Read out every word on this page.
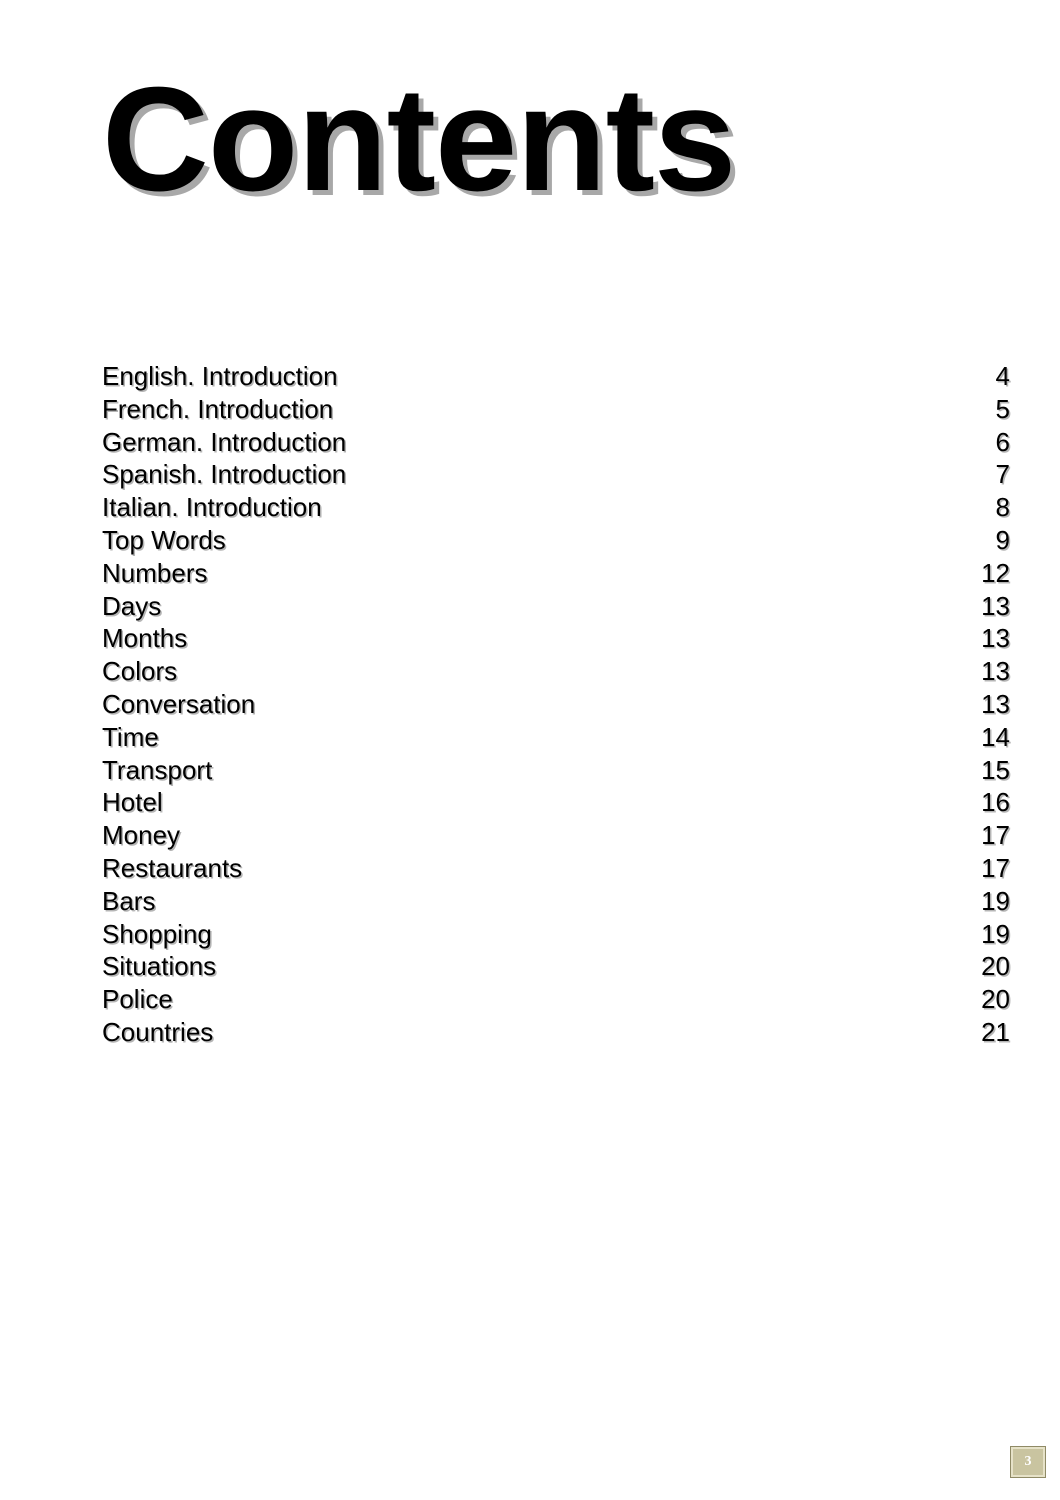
Contents
English. Introduction	4
French. Introduction	5
German. Introduction	6
Spanish. Introduction	7
Italian. Introduction	8
Top Words	9
Numbers	12
Days	13
Months	13
Colors	13
Conversation	13
Time	14
Transport	15
Hotel	16
Money	17
Restaurants	17
Bars	19
Shopping	19
Situations	20
Police	20
Countries	21
3
